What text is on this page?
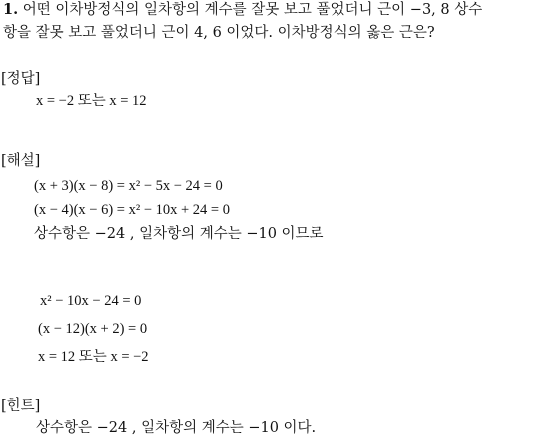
1. 어떤 이차방정식의 일차항의 계수를 잘못 보고 풀었더니 근이 −3, 8 상수
항을 잘못 보고 풀었더니 근이 4, 6 이었다. 이차방정식의 옳은 근은?
[정답]
x = −2 또는 x = 12
[해설]
(x + 3)(x − 8) = x² − 5x − 24 = 0
(x − 4)(x − 6) = x² − 10x + 24 = 0
상수항은 −24 , 일차항의 계수는 −10 이므로
x² − 10x − 24 = 0
(x − 12)(x + 2) = 0
x = 12 또는 x = −2
[힌트]
상수항은 −24 , 일차항의 계수는 −10 이다.
